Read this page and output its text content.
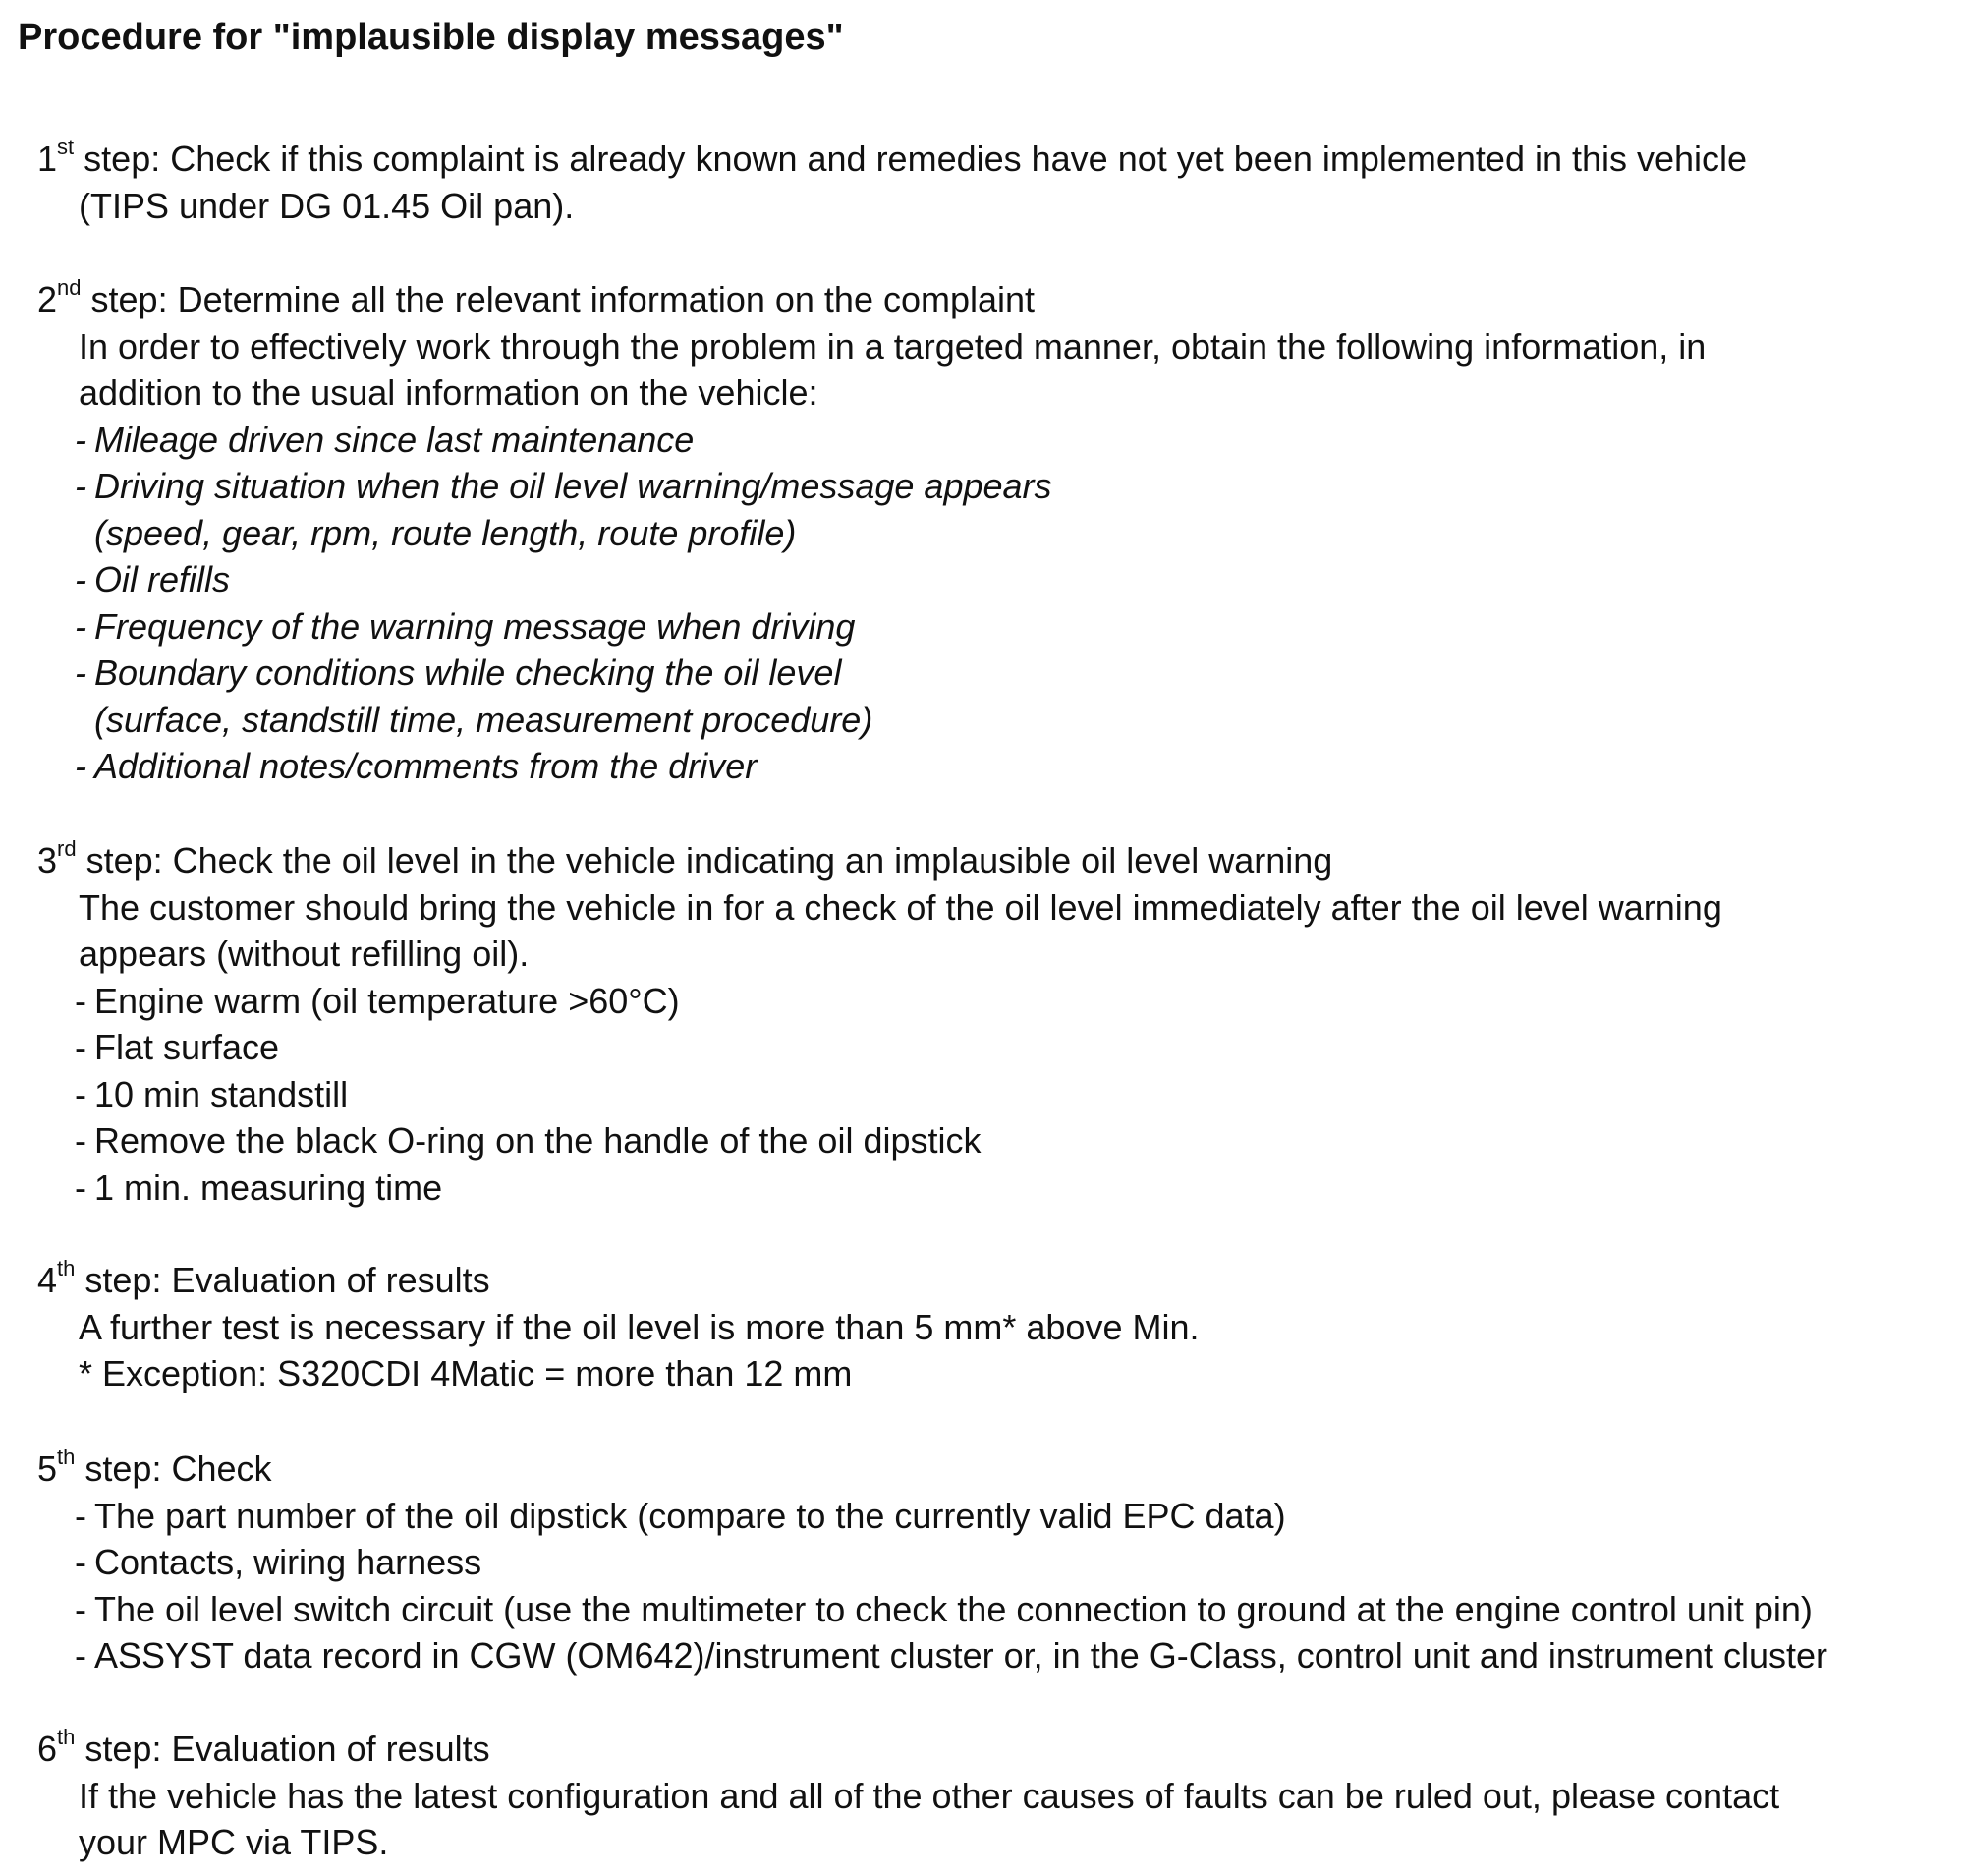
Procedure for "implausible display messages"
1st step: Check if this complaint is already known and remedies have not yet been implemented in this vehicle
(TIPS under DG 01.45 Oil pan).
2nd step: Determine all the relevant information on the complaint
In order to effectively work through the problem in a targeted manner, obtain the following information, in
addition to the usual information on the vehicle:
- Mileage driven since last maintenance
- Driving situation when the oil level warning/message appears
(speed, gear, rpm, route length, route profile)
- Oil refills
- Frequency of the warning message when driving
- Boundary conditions while checking the oil level
(surface, standstill time, measurement procedure)
- Additional notes/comments from the driver
3rd step: Check the oil level in the vehicle indicating an implausible oil level warning
The customer should bring the vehicle in for a check of the oil level immediately after the oil level warning
appears (without refilling oil).
- Engine warm (oil temperature >60°C)
- Flat surface
- 10 min standstill
- Remove the black O-ring on the handle of the oil dipstick
- 1 min. measuring time
4th step: Evaluation of results
A further test is necessary if the oil level is more than 5 mm* above Min.
* Exception: S320CDI 4Matic = more than 12 mm
5th step: Check
- The part number of the oil dipstick (compare to the currently valid EPC data)
- Contacts, wiring harness
- The oil level switch circuit (use the multimeter to check the connection to ground at the engine control unit pin)
- ASSYST data record in CGW (OM642)/instrument cluster or, in the G-Class, control unit and instrument cluster
6th step: Evaluation of results
If the vehicle has the latest configuration and all of the other causes of faults can be ruled out, please contact
your MPC via TIPS.
